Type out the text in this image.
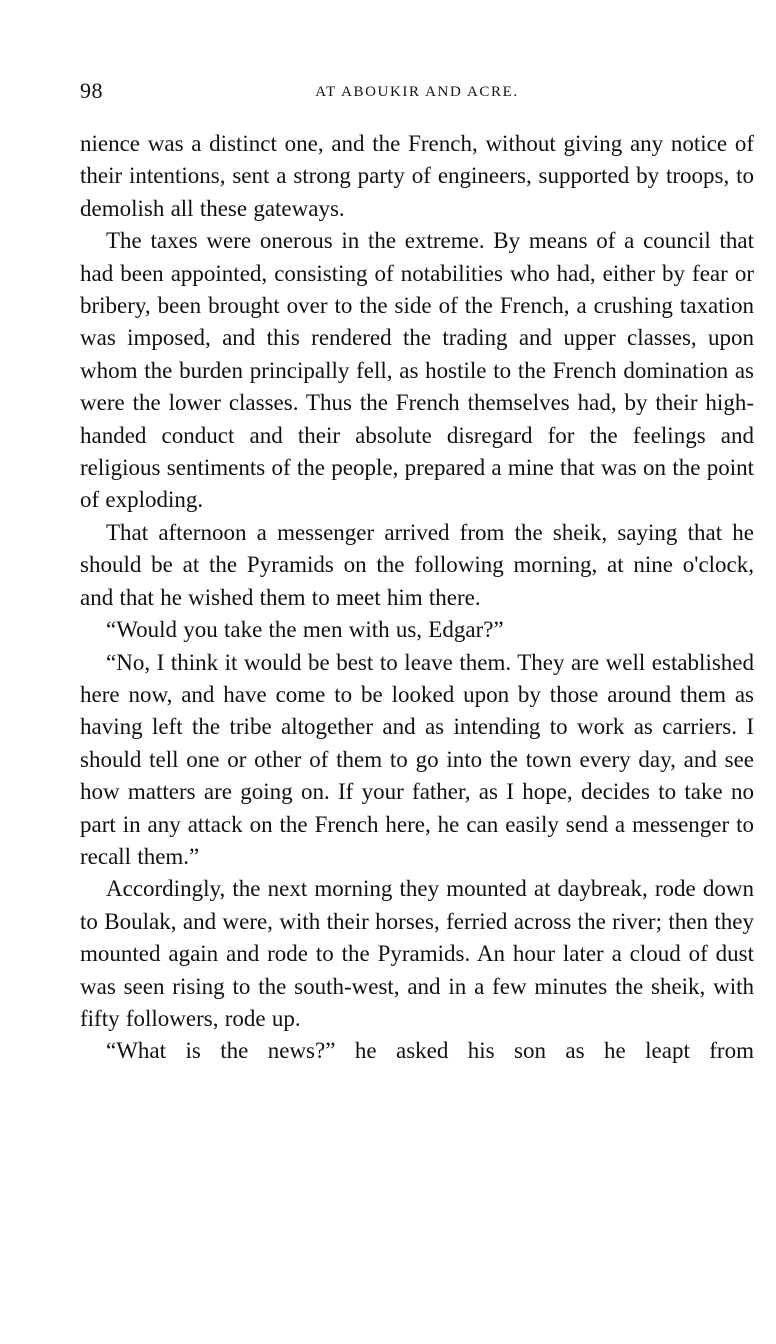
98	AT ABOUKIR AND ACRE.

nience was a distinct one, and the French, without giving any notice of their intentions, sent a strong party of engineers, supported by troops, to demolish all these gateways.

The taxes were onerous in the extreme. By means of a council that had been appointed, consisting of notabilities who had, either by fear or bribery, been brought over to the side of the French, a crushing taxation was imposed, and this rendered the trading and upper classes, upon whom the burden principally fell, as hostile to the French domination as were the lower classes. Thus the French themselves had, by their high-handed conduct and their absolute disregard for the feelings and religious sentiments of the people, prepared a mine that was on the point of exploding.

That afternoon a messenger arrived from the sheik, saying that he should be at the Pyramids on the following morning, at nine o'clock, and that he wished them to meet him there.

“Would you take the men with us, Edgar?”

“No, I think it would be best to leave them. They are well established here now, and have come to be looked upon by those around them as having left the tribe altogether and as intending to work as carriers. I should tell one or other of them to go into the town every day, and see how matters are going on. If your father, as I hope, decides to take no part in any attack on the French here, he can easily send a messenger to recall them.”

Accordingly, the next morning they mounted at daybreak, rode down to Boulak, and were, with their horses, ferried across the river; then they mounted again and rode to the Pyramids. An hour later a cloud of dust was seen rising to the south-west, and in a few minutes the sheik, with fifty followers, rode up.

“What is the news?” he asked his son as he leapt from
